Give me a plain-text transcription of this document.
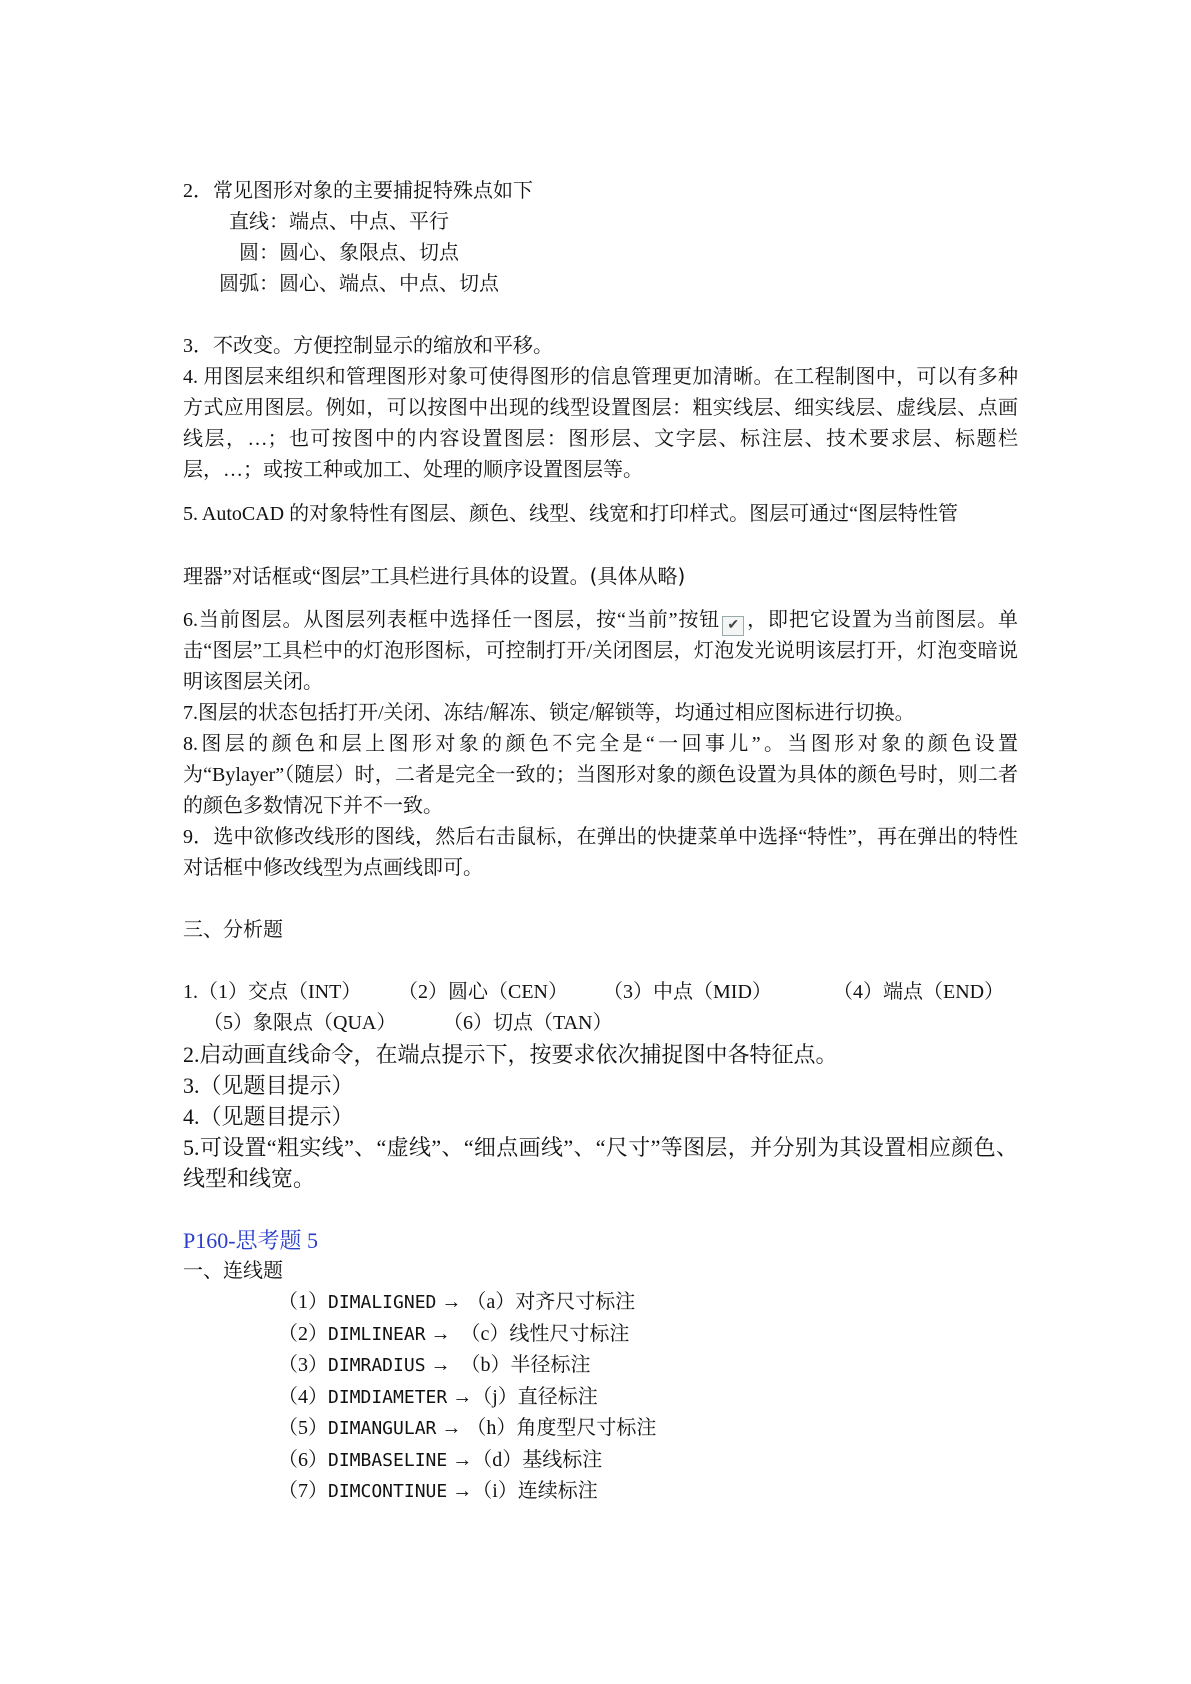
2．常见图形对象的主要捕捉特殊点如下
直线：端点、中点、平行
圆：圆心、象限点、切点
圆弧：圆心、端点、中点、切点
3．不改变。方便控制显示的缩放和平移。
4. 用图层来组织和管理图形对象可使得图形的信息管理更加清晰。在工程制图中，可以有多种方式应用图层。例如，可以按图中出现的线型设置图层：粗实线层、细实线层、虚线层、点画线层，…；也可按图中的内容设置图层：图形层、文字层、标注层、技术要求层、标题栏层，…；或按工种或加工、处理的顺序设置图层等。
5. AutoCAD 的对象特性有图层、颜色、线型、线宽和打印样式。图层可通过“图层特性管
理器”对话框或“图层”工具栏进行具体的设置。(具体从略)
6.当前图层。从图层列表框中选择任一图层，按“当前”按钮 ✔ ，即把它设置为当前图层。单击“图层”工具栏中的灯泡形图标，可控制打开/关闭图层，灯泡发光说明该层打开，灯泡变暗说明该图层关闭。
7.图层的状态包括打开/关闭、冻结/解冻、锁定/解锁等，均通过相应图标进行切换。
8.图层的颜色和层上图形对象的颜色不完全是“一回事儿”。当图形对象的颜色设置为“Bylayer”（随层）时，二者是完全一致的；当图形对象的颜色设置为具体的颜色号时，则二者的颜色多数情况下并不一致。
9．选中欲修改线形的图线，然后右击鼠标，在弹出的快捷菜单中选择“特性”，再在弹出的特性对话框中修改线型为点画线即可。
三、分析题
1.（1）交点（INT）	（2）圆心（CEN）	（3）中点（MID）	（4）端点（END）
（5）象限点（QUA）	（6）切点（TAN）
2.启动画直线命令，在端点提示下，按要求依次捕捉图中各特征点。
3.（见题目提示）
4.（见题目提示）
5.可设置“粗实线”、“虚线”、“细点画线”、“尺寸”等图层，并分别为其设置相应颜色、线型和线宽。
P160-思考题 5
一、连线题
（1）DIMALIGNED → （a）对齐尺寸标注
（2）DIMLINEAR →  （c）线性尺寸标注
（3）DIMRADIUS →  （b）半径标注
（4）DIMDIAMETER →（j）直径标注
（5）DIMANGULAR → （h）角度型尺寸标注
（6）DIMBASELINE →（d）基线标注
（7）DIMCONTINUE →（i）连续标注
